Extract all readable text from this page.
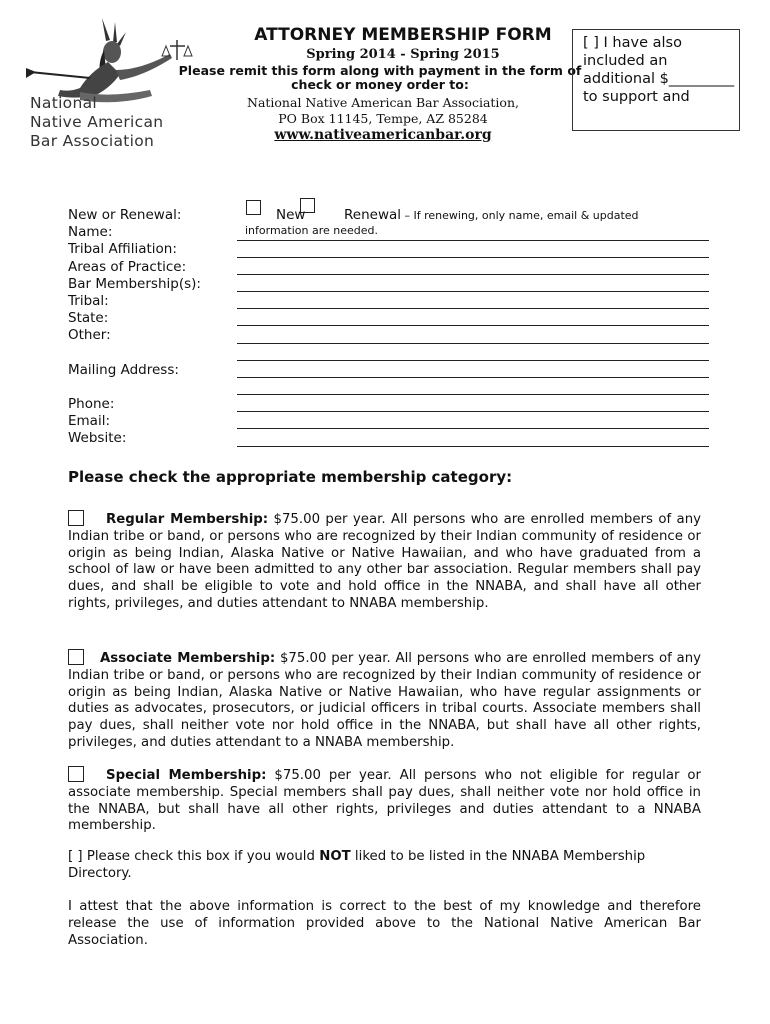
National
Native American
Bar Association
ATTORNEY MEMBERSHIP FORM
Spring 2014 - Spring 2015
Please remit this form along with payment in the form of
check or money order to:
National Native American Bar Association,
PO Box 11145, Tempe, AZ 85284
www.nativeamericanbar.org
[ ] I have also included an additional $_________ to support and
New or Renewal:
Name:
Tribal Affiliation:
Areas of Practice:
Bar Membership(s):
Tribal:
State:
Other:
Mailing Address:
Phone:
Email:
Website:
New	Renewal – If renewing, only name, email & updated
information are needed.
Please check the appropriate membership category:
Regular Membership: $75.00 per year. All persons who are enrolled members of any Indian tribe or band, or persons who are recognized by their Indian community of residence or origin as being Indian, Alaska Native or Native Hawaiian, and who have graduated from a school of law or have been admitted to any other bar association. Regular members shall pay dues, and shall be eligible to vote and hold office in the NNABA, and shall have all other rights, privileges, and duties attendant to NNABA membership.
Associate Membership: $75.00 per year. All persons who are enrolled members of any Indian tribe or band, or persons who are recognized by their Indian community of residence or origin as being Indian, Alaska Native or Native Hawaiian, who have regular assignments or duties as advocates, prosecutors, or judicial officers in tribal courts. Associate members shall pay dues, shall neither vote nor hold office in the NNABA, but shall have all other rights, privileges, and duties attendant to a NNABA membership.
Special Membership: $75.00 per year. All persons who not eligible for regular or associate membership. Special members shall pay dues, shall neither vote nor hold office in the NNABA, but shall have all other rights, privileges and duties attendant to a NNABA membership.
[ ] Please check this box if you would NOT liked to be listed in the NNABA Membership Directory.
I attest that the above information is correct to the best of my knowledge and therefore release the use of information provided above to the National Native American Bar Association.
